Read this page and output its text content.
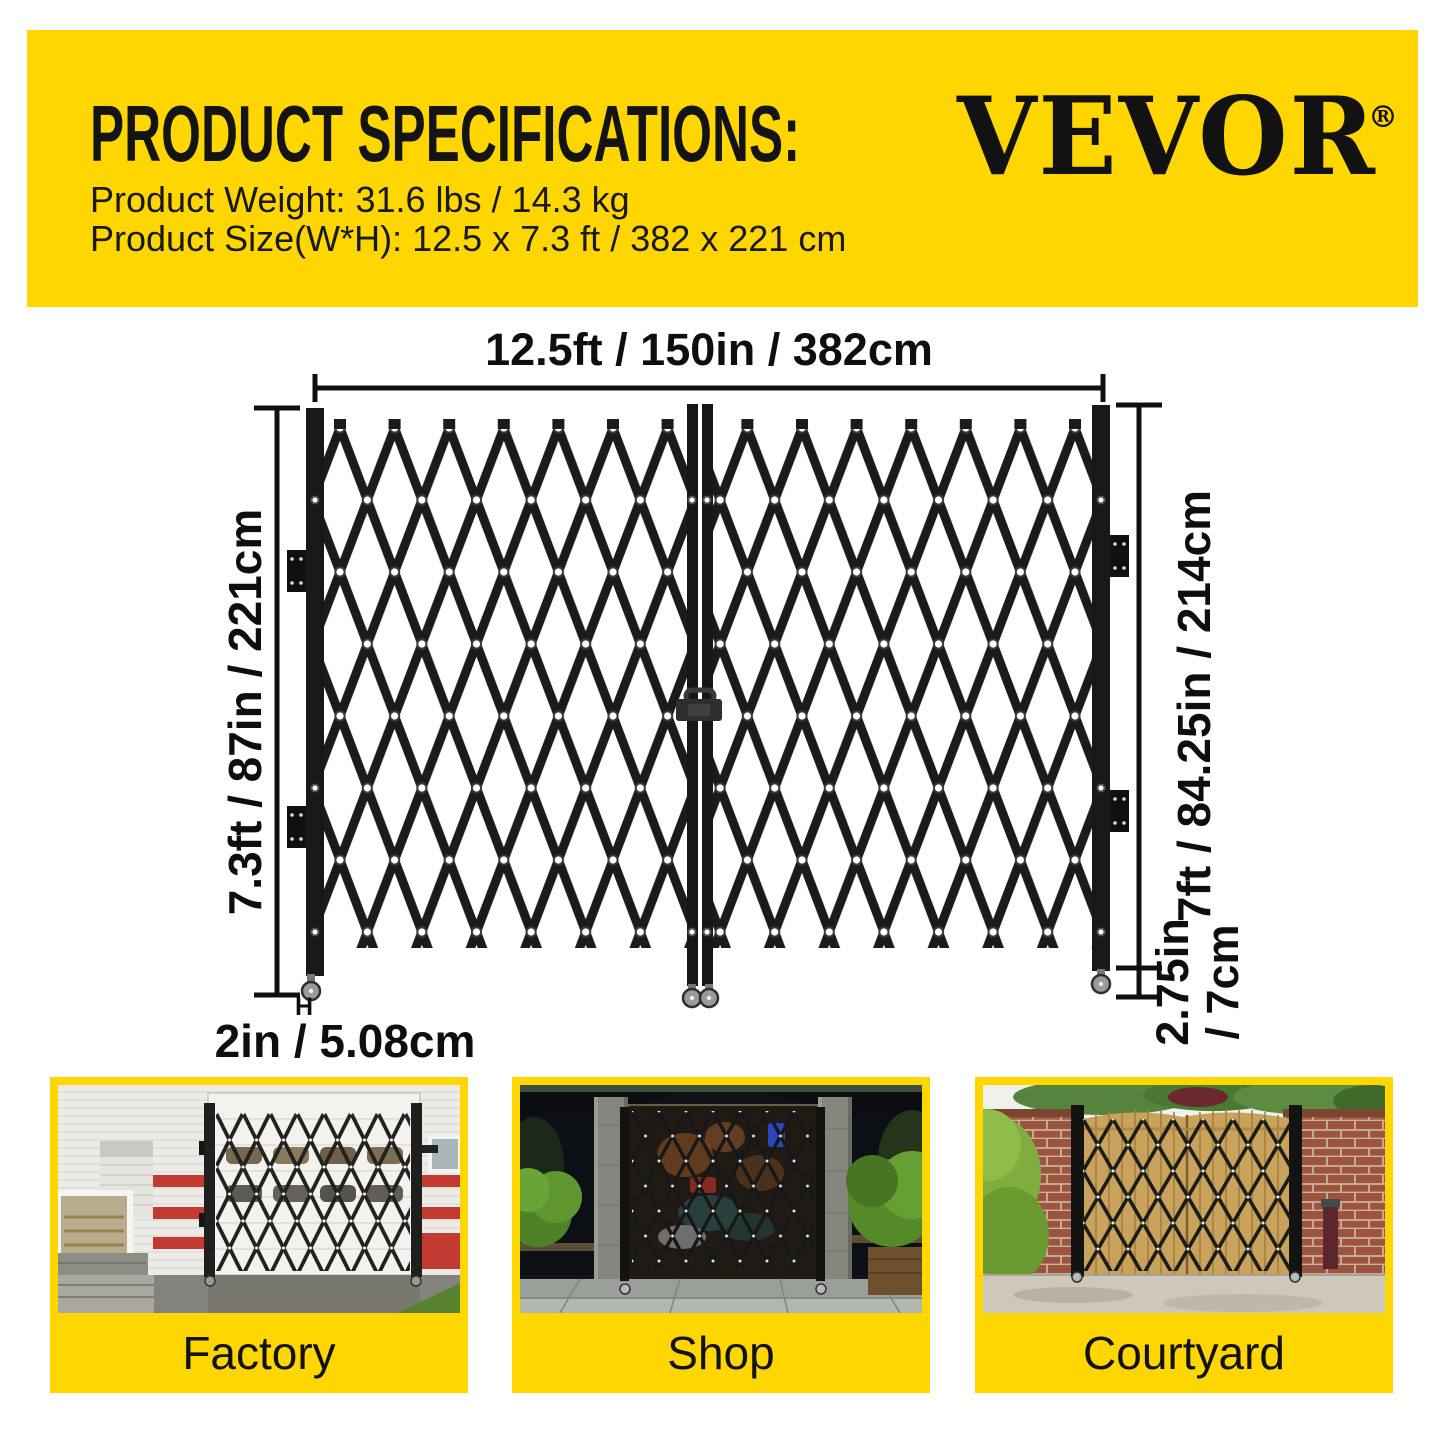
PRODUCT SPECIFICATIONS:
Product Weight: 31.6 lbs / 14.3 kg
Product Size(W*H): 12.5 x 7.3 ft / 382 x 221 cm
VEVOR
®
12.5ft / 150in / 382cm
7.3ft / 87in / 221cm	7ft / 84.25in / 214cm
2.75in / 7cm
H
2in / 5.08cm
Factory	Shop	Courtyard
